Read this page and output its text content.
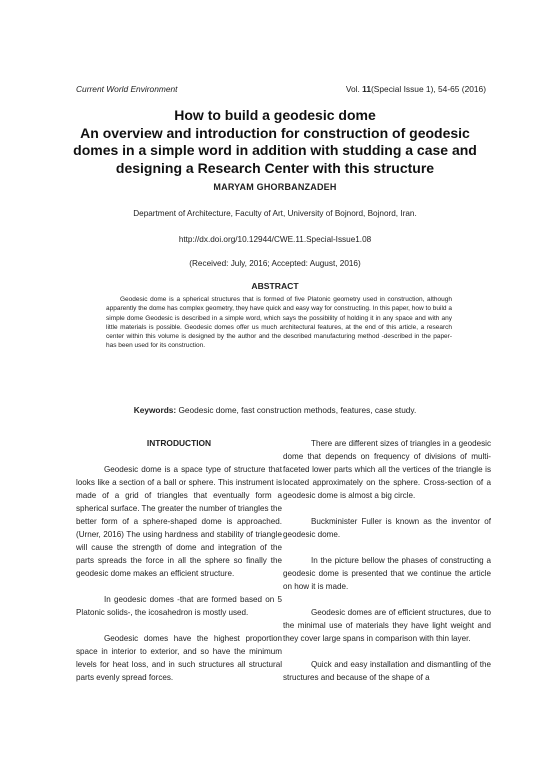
Current World Environment	Vol. 11(Special Issue 1), 54-65 (2016)
How to build a geodesic dome
An overview and introduction for construction of geodesic
domes in a simple word in addition with studding a case and
designing a Research Center with this structure
MARYAM GHORBANZADEH
Department of Architecture, Faculty of Art, University of Bojnord, Bojnord, Iran.
http://dx.doi.org/10.12944/CWE.11.Special-Issue1.08
(Received: July, 2016; Accepted: August, 2016)
ABSTRACT
Geodesic dome is a spherical structures that is formed of five Platonic geometry used in construction, although apparently the dome has complex geometry, they have quick and easy way for constructing. In this paper, how to build a simple dome Geodesic is described in a simple word, which says the possibility of holding it in any space and with any little materials is possible. Geodesic domes offer us much architectural features, at the end of this article, a research center within this volume is designed by the author and the described manufacturing method -described in the paper-has been used for its construction.
Keywords: Geodesic dome, fast construction methods, features, case study.
INTRODUCTION

Geodesic dome is a space type of structure that looks like a section of a ball or sphere. This instrument is made of a grid of triangles that eventually form a spherical surface. The greater the number of triangles the better form of a sphere-shaped dome is approached. (Urner, 2016) The using hardness and stability of triangle will cause the strength of dome and integration of the parts spreads the force in all the sphere so finally the geodesic dome makes an efficient structure.

In geodesic domes -that are formed based on 5 Platonic solids-, the icosahedron is mostly used.

Geodesic domes have the highest proportion space in interior to exterior, and so have the minimum levels for heat loss, and in such structures all structural parts evenly spread forces.

There are different sizes of triangles in a geodesic dome that depends on frequency of divisions of multi-faceted lower parts which all the vertices of the triangle is located approximately on the sphere. Cross-section of a geodesic dome is almost a big circle.

Buckminister Fuller is known as the inventor of geodesic dome.

In the picture bellow the phases of constructing a geodesic dome is presented that we continue the article on how it is made.

Geodesic domes are of efficient structures, due to the minimal use of materials they have light weight and they cover large spans in comparison with thin layer.

Quick and easy installation and dismantling of the structures and because of the shape of a
